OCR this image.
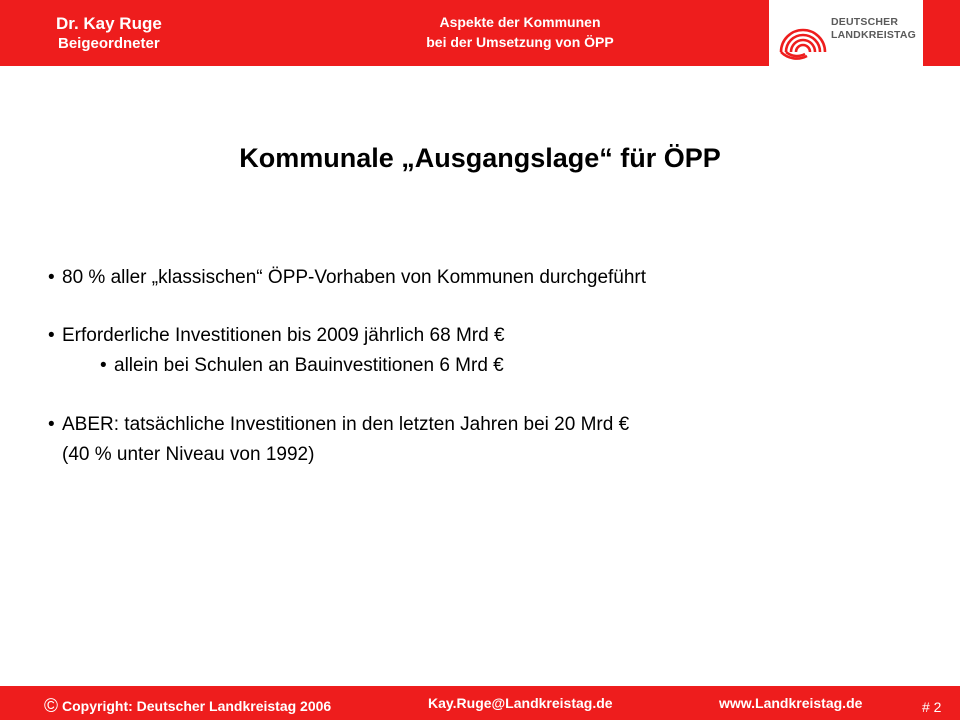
Dr. Kay Ruge
Beigeordneter
Aspekte der Kommunen
bei der Umsetzung von ÖPP
DEUTSCHER
LANDKREISTAG
Kommunale „Ausgangslage“ für ÖPP
• 80 % aller „klassischen“ ÖPP-Vorhaben von Kommunen durchgeführt
• Erforderliche Investitionen bis 2009 jährlich 68 Mrd €
• allein bei Schulen an Bauinvestitionen 6 Mrd €
• ABER: tatsächliche Investitionen in den letzten Jahren bei 20 Mrd €
(40 % unter Niveau von 1992)
© Copyright: Deutscher Landkreistag 2006	Kay.Ruge@Landkreistag.de	www.Landkreistag.de	# 2
